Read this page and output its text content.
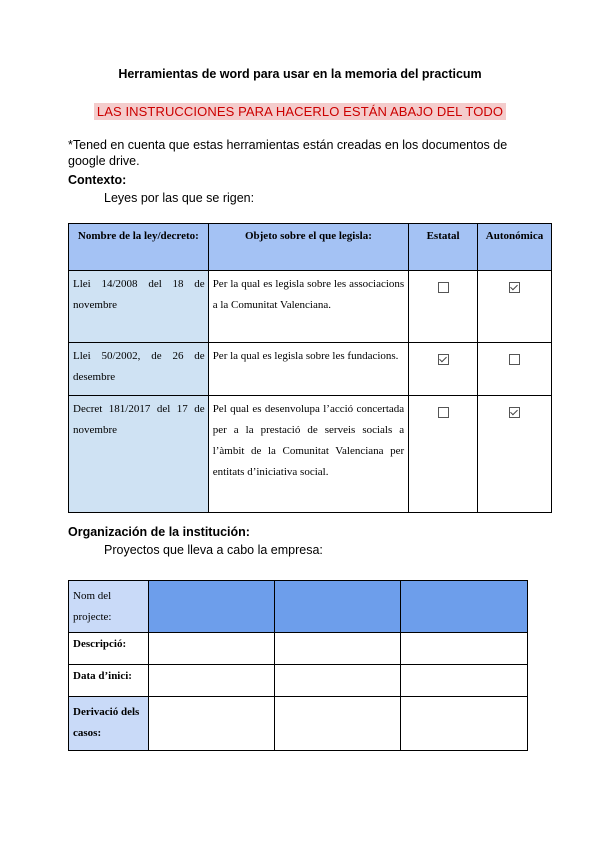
Herramientas de word para usar en la memoria del practicum
LAS INSTRUCCIONES PARA HACERLO ESTÁN ABAJO DEL TODO
*Tened en cuenta que estas herramientas están creadas en los documentos de google drive.
Contexto:
Leyes por las que se rigen:
Nombre de la ley/decreto:	Objeto sobre el que legisla:	Estatal	Autonómica
Llei 14/2008 del 18 de novembre	Per la qual es legisla sobre les associacions a la Comunitat Valenciana.		
Llei 50/2002, de 26 de desembre	Per la qual es legisla sobre les fundacions.		
Decret 181/2017 del 17 de novembre	Pel qual es desenvolupa l’acció concertada per a la prestació de serveis socials a l’àmbit de la Comunitat Valenciana per entitats d’iniciativa social.		
Organización de la institución:
Proyectos que lleva a cabo la empresa:
Nom del projecte:			
Descripció:			
Data d’inici:			
Derivació dels casos:			
